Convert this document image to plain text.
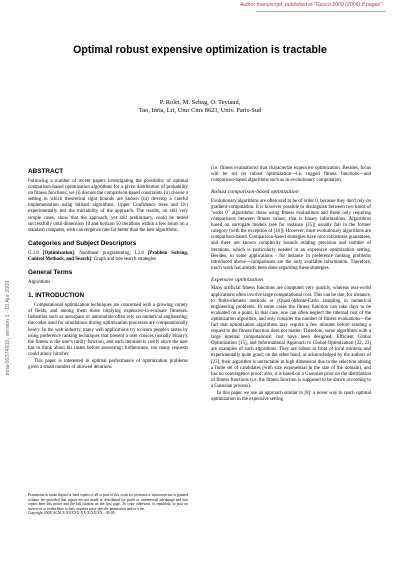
Author manuscript, published in "Gecco 2009 (2009) 8 pages"
Optimal robust expensive optimization is tractable
P. Rolet, M. Sebag, O. Teytaud,
Tao, Inria, Lri, Umr Cnrs 8623, Univ. Paris-Sud
inria-00374910, version 1 - 10 Apr 2009
ABSTRACT

Following a number of recent papers investigating the possibility of optimal comparison-based optimization algorithms for a given distribution of probability on fitness functions, we (i) discuss the comparison-based constraints (ii) choose a setting in which theoretical tight bounds are known (iii) develop a careful implementation using billiard algorithms, Upper Confidence trees and (iv) experimentally test the tractability of the approach. The results, on still very simple cases, show that the approach, yet still preliminary, could be tested successfully until dimension 10 and horizon 50 iterations within a few hours on a standard computer, with convergence rate far better than the best algorithms.

Categories and Subject Descriptors

G.1.6 [Optimization]: Nonlinear programming; I.2.8 [Problem Solving, Control Methods, and Search]: Graph and tree search strategies

General Terms

Algorithms

1. INTRODUCTION

Computational optimization techniques are concerned with a growing variety of fields, and among them those implying expensive-to-evaluate fitnesses. Industries such as aerospace or automobile often rely on numerical engineering; the codes used for simulations during optimization processes are computationally heavy. In the web industry, many web applications try to learn people's tastes by using preference ranking techniques that present a user choices (usually binary): the fitness is the user's utility function, and each iteration is costly since the user has to think about his tastes before answering; furthermore, too many requests could annoy him/her.

This paper is interested in optimal performance of optimization problems given a small number of allowed iterations

Permission to make digital or hard copies of all or part of this work for personal or classroom use is granted without fee provided that copies are not made or distributed for profit or commercial advantage and that copies bear this notice and the full citation on the first page. To copy otherwise, to republish, to post on servers or to redistribute to lists, requires prior specific permission and/or a fee.
Copyright 200X ACM X-XXXXX-XX-X/XX/XX ...$5.00.

(i.e. fitness evaluations) that characterize expensive optimization. Besides, focus will be set on robust optimization—i.e. rugged fitness functions—and comparison-based algorithms such as in evolutionary computation.

Robust comparison-based optimization

Evolutionary algorithms are often said to be of order 0, because they don't rely on gradient-computation. It is however possible to distinguish between two kinds of "order 0" algorithms: those using fitness evaluations and those only requiring comparisons between fitness values, that is binary informations. Algorithms based on surrogate models (see for instance [25]) usually fall in the former category (with the exception of [16]). However, most evolutionary algorithms are comparison-based. Comparison-based strategies have nice robustness guarantees, and there are known complexity bounds relating precision and number of iterations, which is particularly needed in an expensive optimization setting. Besides, in some applications - for instance in preference ranking problems introduced above—comparisons are the only available information. Therefore, much work has already been done regarding these strategies.

Expensive optimization

Many artificial fitness functions are computed very quickly, whereas real-world applications often involve large computational cost. This can be due, for instance, to finite-element methods or (Quasi-)Monte-Carlo sampling in numerical engineering problems. In some cases the fitness function can take days to be evaluated on a point. In that case, one can often neglect the internal cost of the optimization algorithm, and only consider the number of fitness evaluations—the fact that optimization algorithms may require a few minutes before sending a request to the fitness function does not matter. Therefore, some algorithms with a large internal computational cost have been designed: Efficient Global Optimization [15], and Informational Approach to Global Optimization [22, 23] are examples of such algorithms. They are robust in front of local minima, and experimentally quite good; on the other hand, as acknowledged by the authors of [23], their algorithm is untractable in high dimension due to the selection among a finite set of candidates (with size exponential in the size of the domain), and has no convergence proof; also, it is based on a Gaussian prior on the distribution of fitness functions (i.e. the fitness function is supposed to be drawn according to a Gaussian process).

In this paper we use an approach similar to [8]: a novel way to reach optimal optimization in the expensive setting
